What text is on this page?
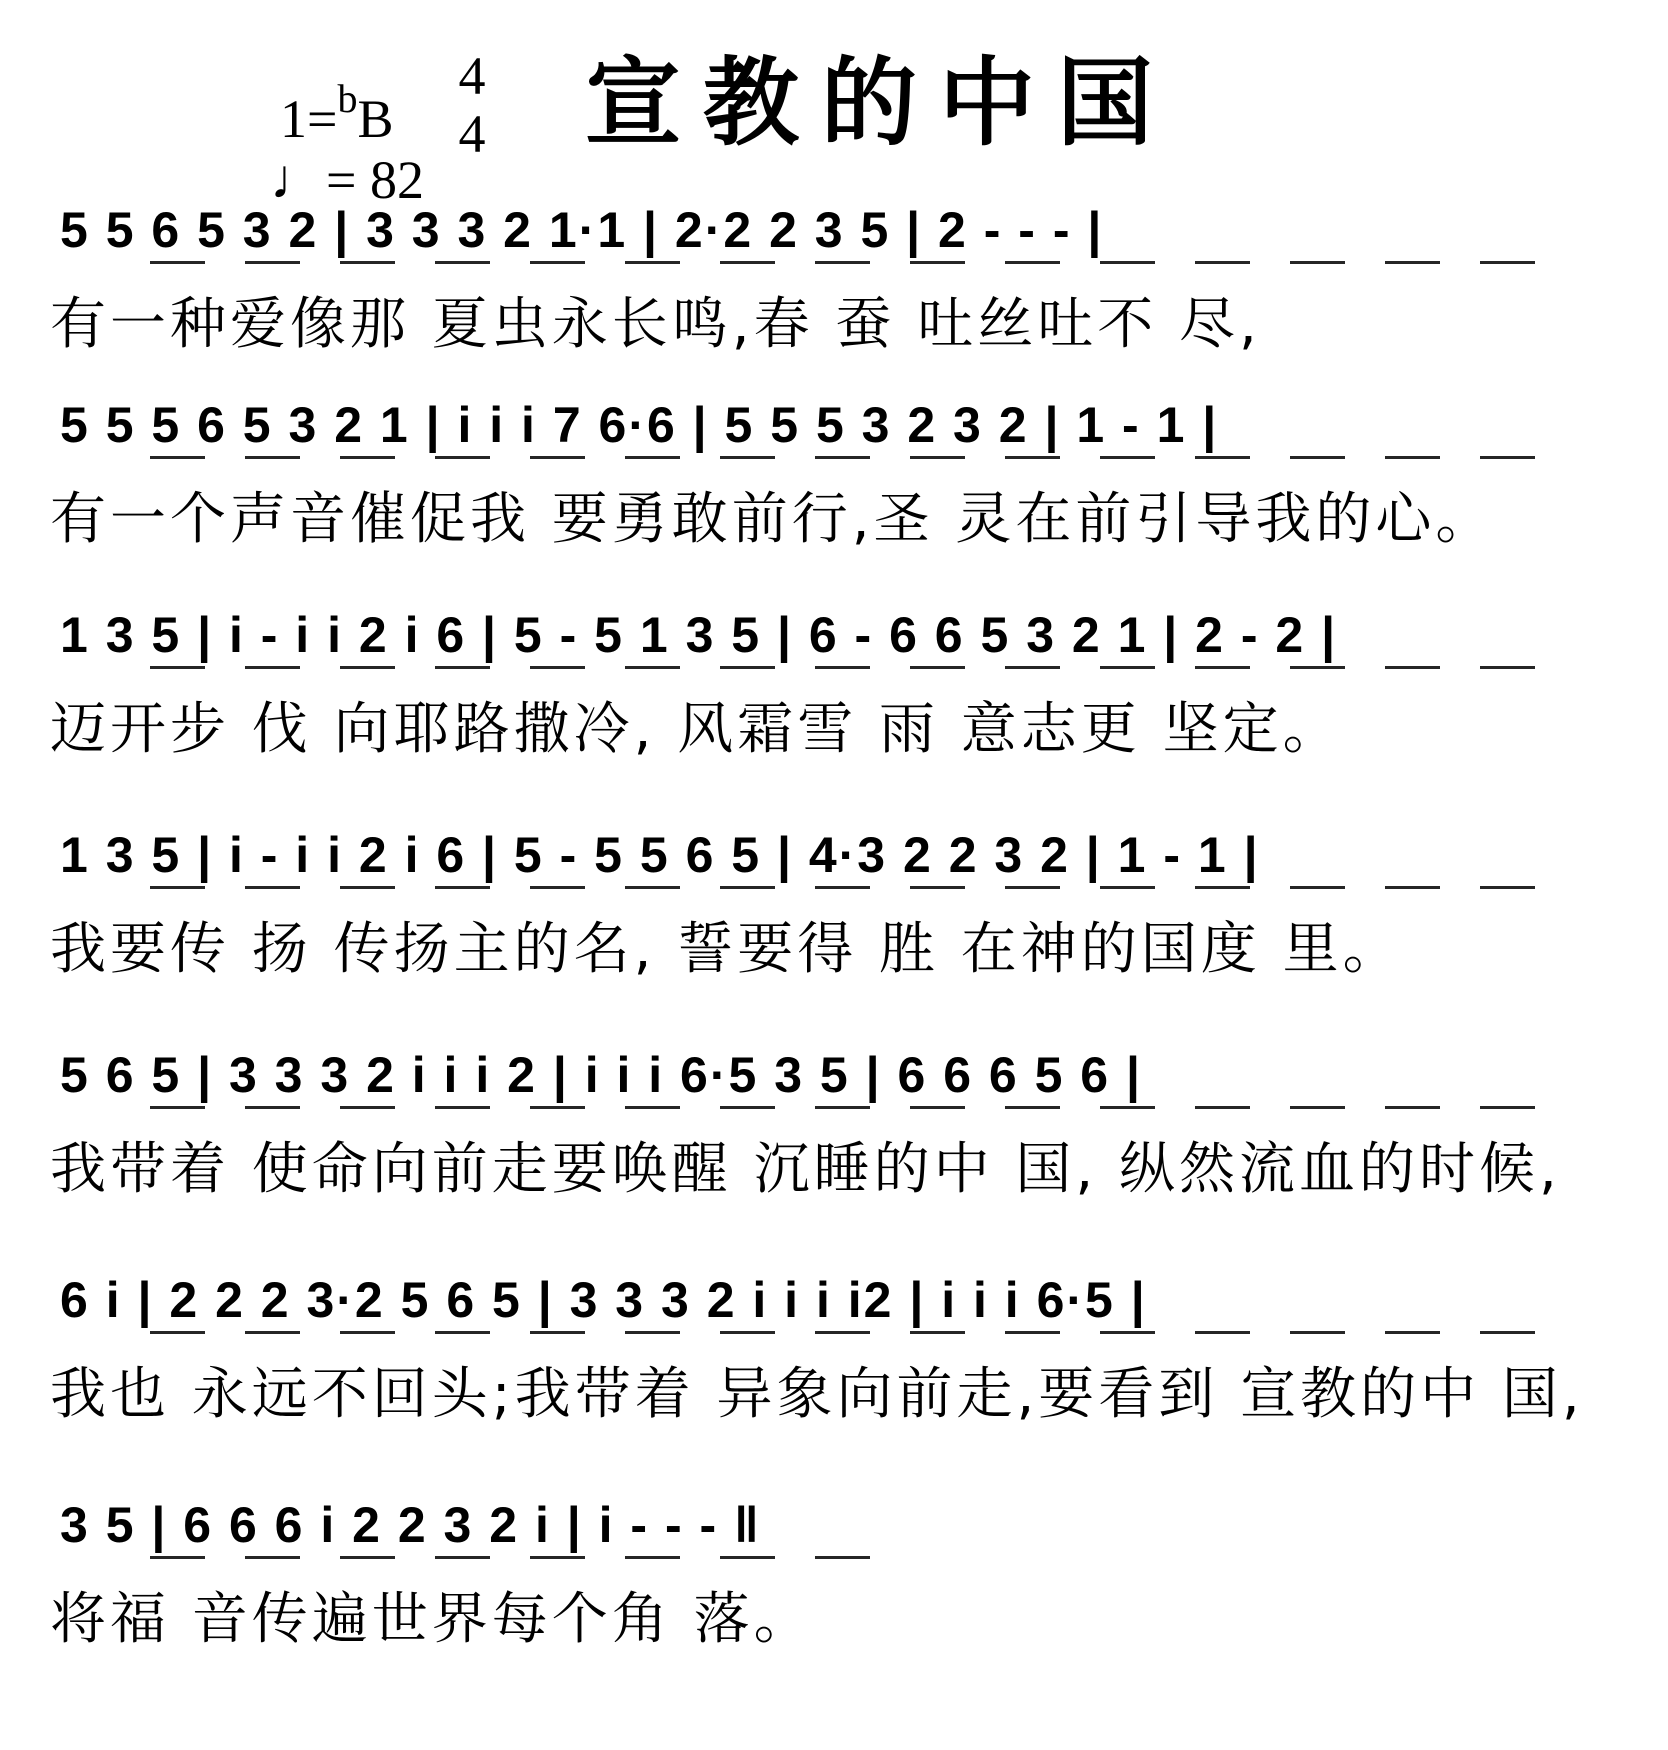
1=$^b$B
4
4
♩= 82
宣教的中国
5 5 6 5 3 2 | 3 3 3 2 1·1 | 2·2 2 3 5 | 2 - - - |
有一种爱像那 夏虫永长鸣,春 蚕 吐丝吐不 尽,
5 5 5 6 5 3 2 1 | i i i 7 6·6 | 5 5 5 3 2 3 2 | 1 - 1 |
有一个声音催促我 要勇敢前行,圣 灵在前引导我的心。
1 3 5 | i - i i 2 i 6 | 5 - 5 1 3 5 | 6 - 6 6 5 3 2 1 | 2 - 2 |
迈开步 伐 向耶路撒冷, 风霜雪 雨 意志更 坚定。
1 3 5 | i - i i 2 i 6 | 5 - 5 5 6 5 | 4·3 2 2 3 2 | 1 - 1 |
我要传 扬 传扬主的名, 誓要得 胜 在神的国度 里。
5 6 5 | 3 3 3 2 i i i 2 | i i i 6·5 3 5 | 6 6 6 5 6 |
我带着 使命向前走要唤醒 沉睡的中 国, 纵然流血的时候,
6 i | 2 2 2 3·2 5 6 5 | 3 3 3 2 i i i i2 | i i i 6·5 |
我也 永远不回头;我带着 异象向前走,要看到 宣教的中 国,
3 5 | 6 6 6 i 2 2 3 2 i | i - - - ‖
将福 音传遍世界每个角 落。
